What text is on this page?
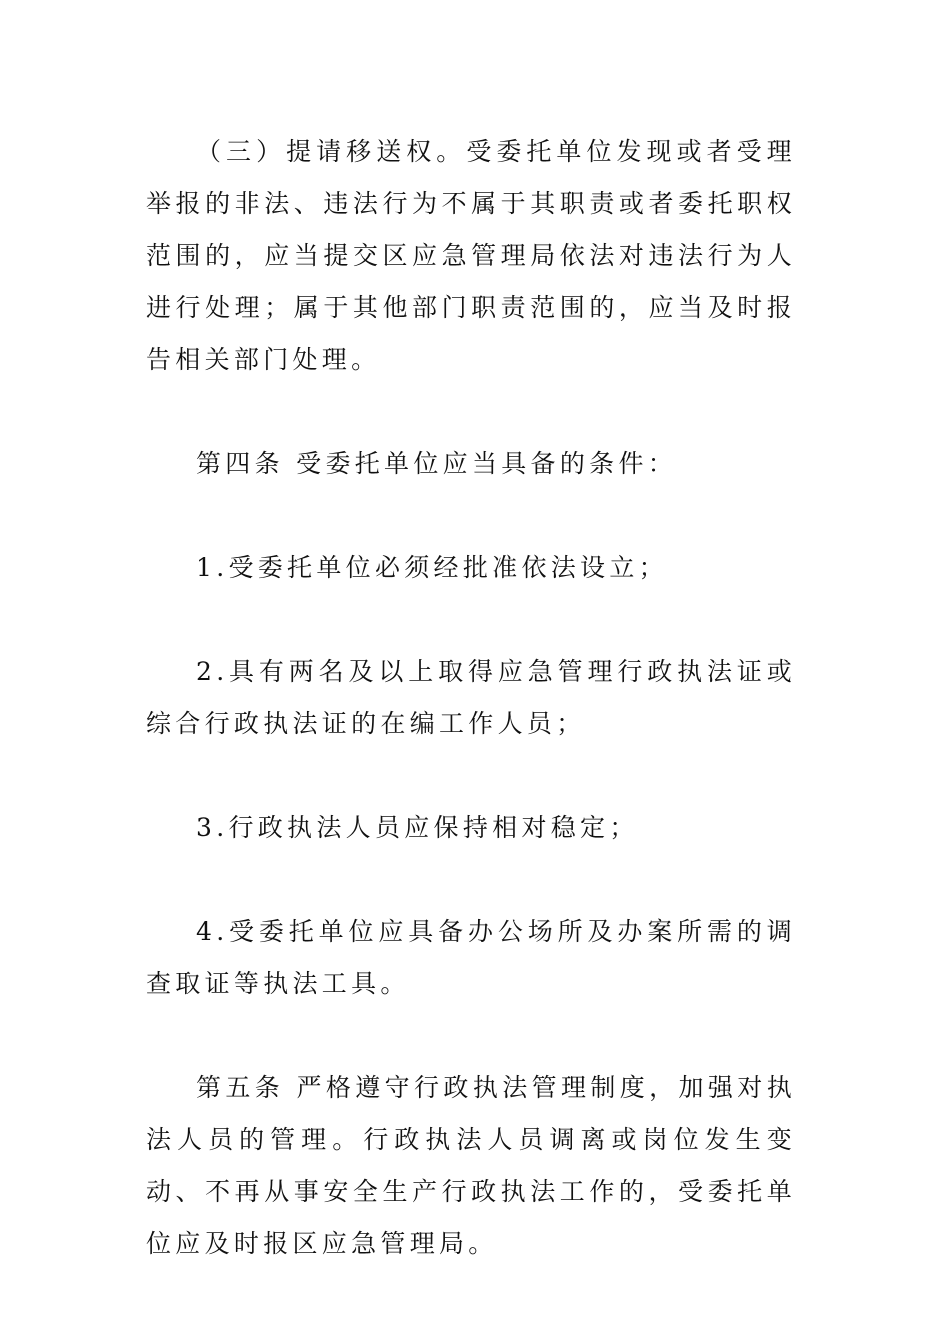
（三）提请移送权。受委托单位发现或者受理举报的非法、违法行为不属于其职责或者委托职权范围的，应当提交区应急管理局依法对违法行为人进行处理；属于其他部门职责范围的，应当及时报告相关部门处理。

第四条 受委托单位应当具备的条件：

1.受委托单位必须经批准依法设立；

2.具有两名及以上取得应急管理行政执法证或综合行政执法证的在编工作人员；

3.行政执法人员应保持相对稳定；

4.受委托单位应具备办公场所及办案所需的调查取证等执法工具。

第五条 严格遵守行政执法管理制度，加强对执法人员的管理。行政执法人员调离或岗位发生变动、不再从事安全生产行政执法工作的，受委托单位应及时报区应急管理局。
